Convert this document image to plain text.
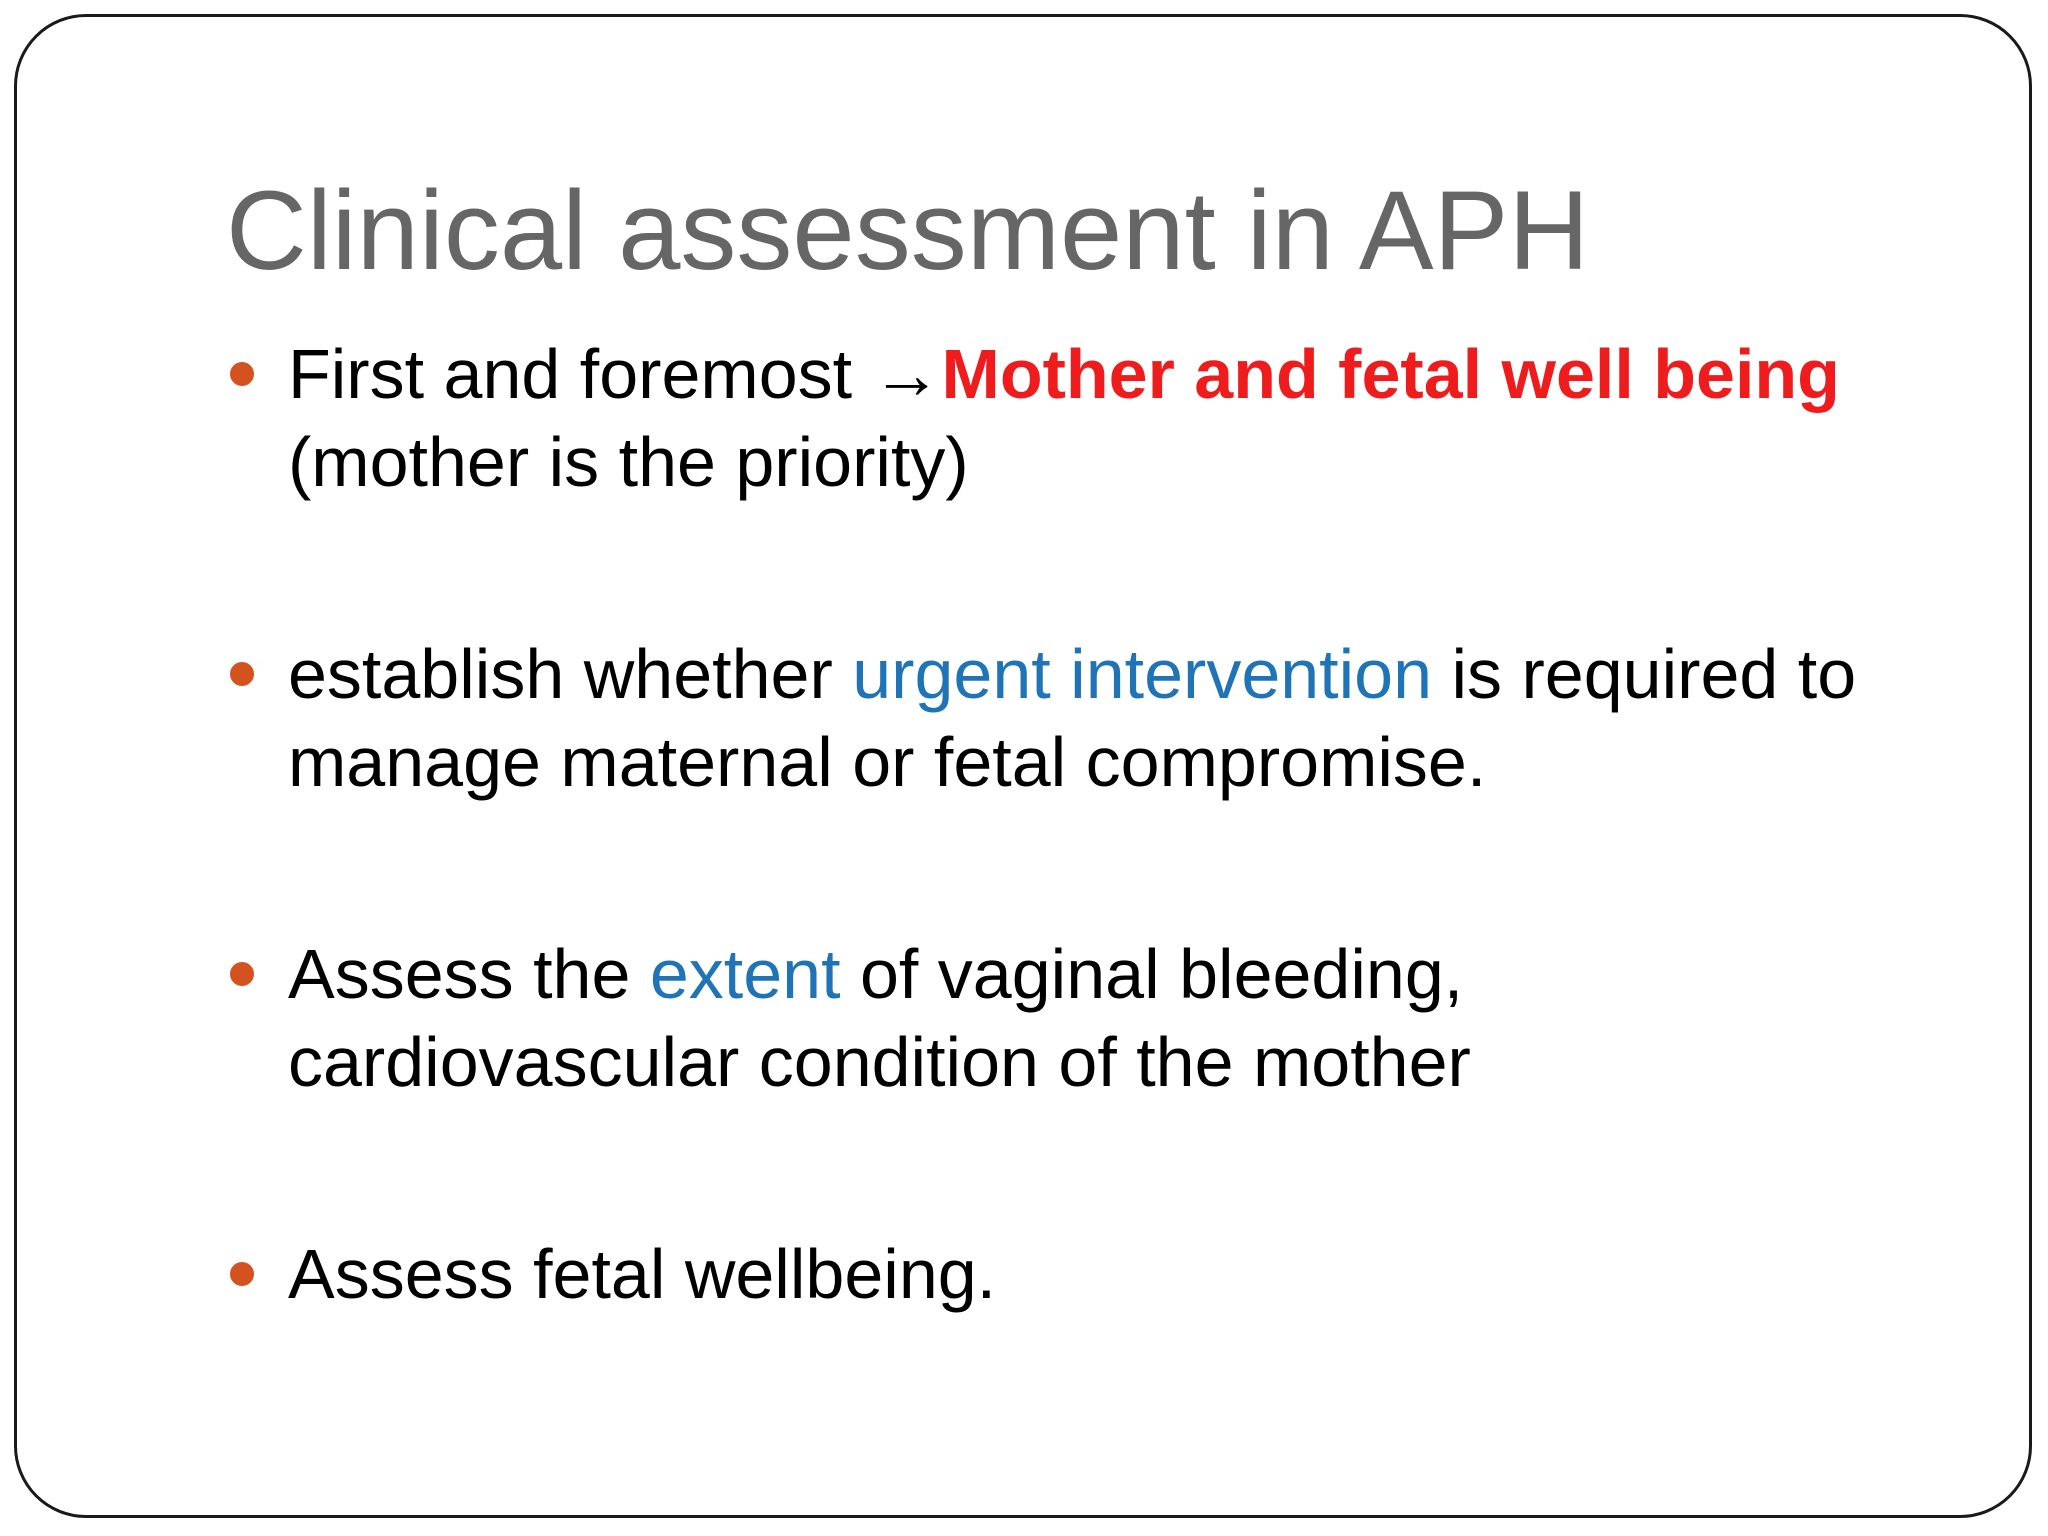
Clinical assessment in APH
First and foremost →Mother and fetal well being (mother is the priority)
establish whether urgent intervention is required to manage maternal or fetal compromise.
Assess the extent of vaginal bleeding, cardiovascular condition of the mother
Assess fetal wellbeing.
